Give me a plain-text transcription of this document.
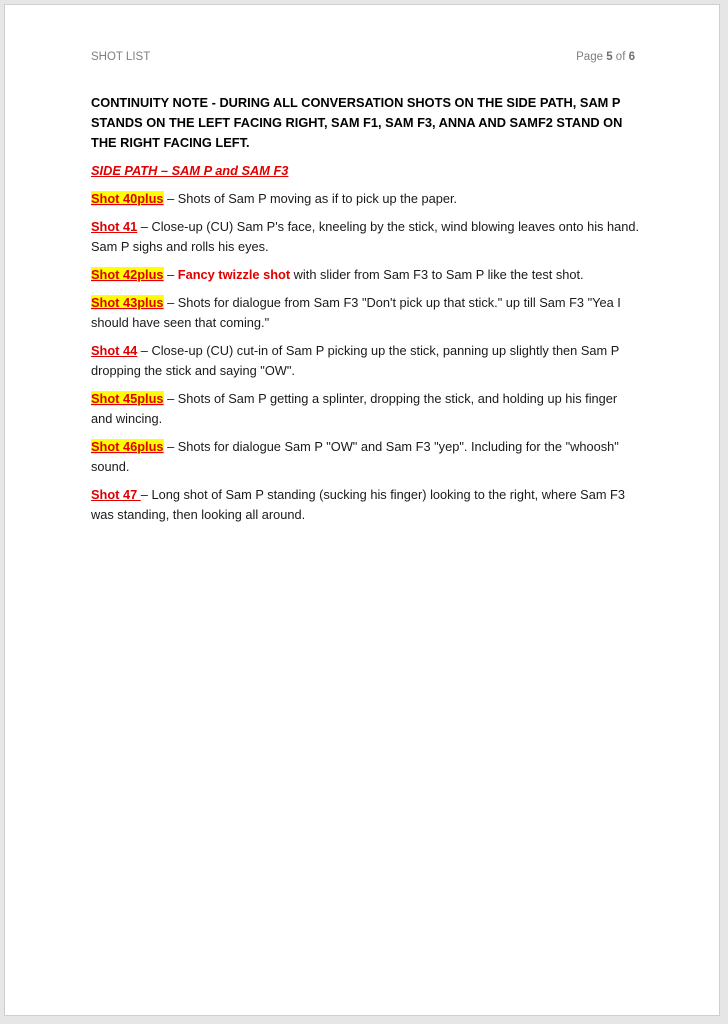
SHOT LIST	Page 5 of 6

CONTINUITY NOTE - DURING ALL CONVERSATION SHOTS ON THE SIDE PATH, SAM P STANDS ON THE LEFT FACING RIGHT, SAM F1, SAM F3, ANNA AND SAMF2 STAND ON THE RIGHT FACING LEFT.

SIDE PATH – SAM P and SAM F3

Shot 40plus – Shots of Sam P moving as if to pick up the paper.

Shot 41 – Close-up (CU) Sam P's face, kneeling by the stick, wind blowing leaves onto his hand. Sam P sighs and rolls his eyes.

Shot 42plus – Fancy twizzle shot with slider from Sam F3 to Sam P like the test shot.

Shot 43plus – Shots for dialogue from Sam F3 "Don't pick up that stick." up till Sam F3 "Yea I should have seen that coming."

Shot 44 – Close-up (CU) cut-in of Sam P picking up the stick, panning up slightly then Sam P dropping the stick and saying "OW".

Shot 45plus – Shots of Sam P getting a splinter, dropping the stick, and holding up his finger and wincing.

Shot 46plus – Shots for dialogue Sam P "OW" and Sam F3 "yep". Including for the "whoosh" sound.

Shot 47 – Long shot of Sam P standing (sucking his finger) looking to the right, where Sam F3 was standing, then looking all around.
